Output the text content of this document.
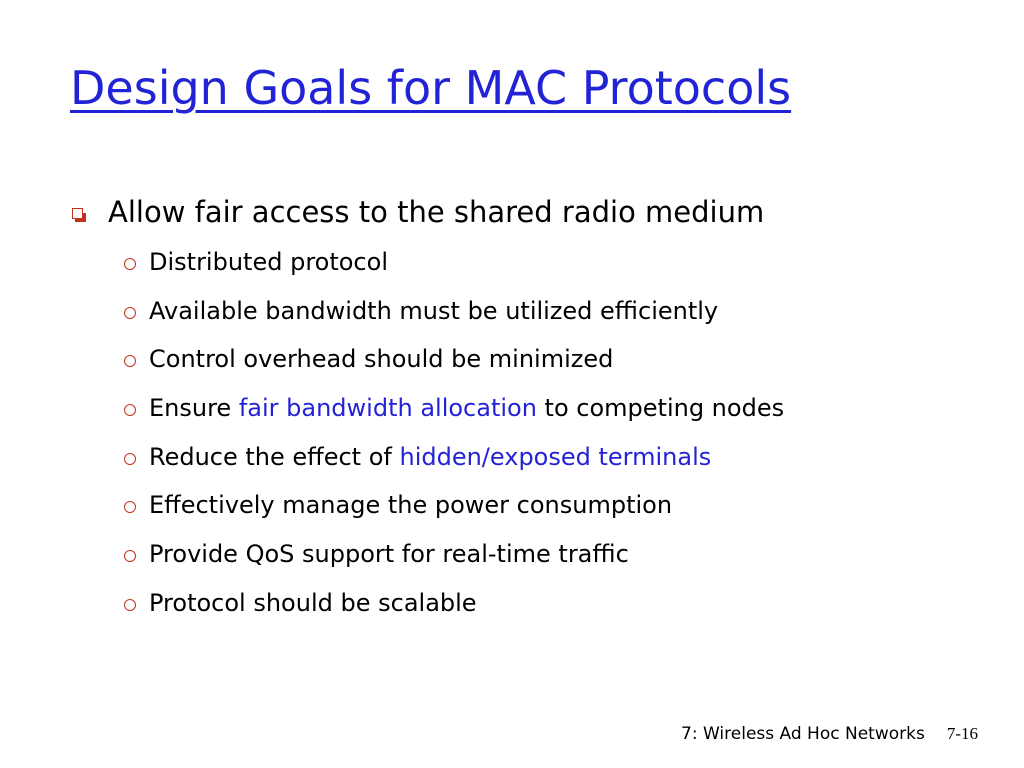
Design Goals for MAC Protocols
Allow fair access to the shared radio medium
Distributed protocol
Available bandwidth must be utilized efficiently
Control overhead should be minimized
Ensure fair bandwidth allocation to competing nodes
Reduce the effect of hidden/exposed terminals
Effectively manage the power consumption
Provide QoS support for real-time traffic
Protocol should be scalable
7: Wireless Ad Hoc Networks 7-16
